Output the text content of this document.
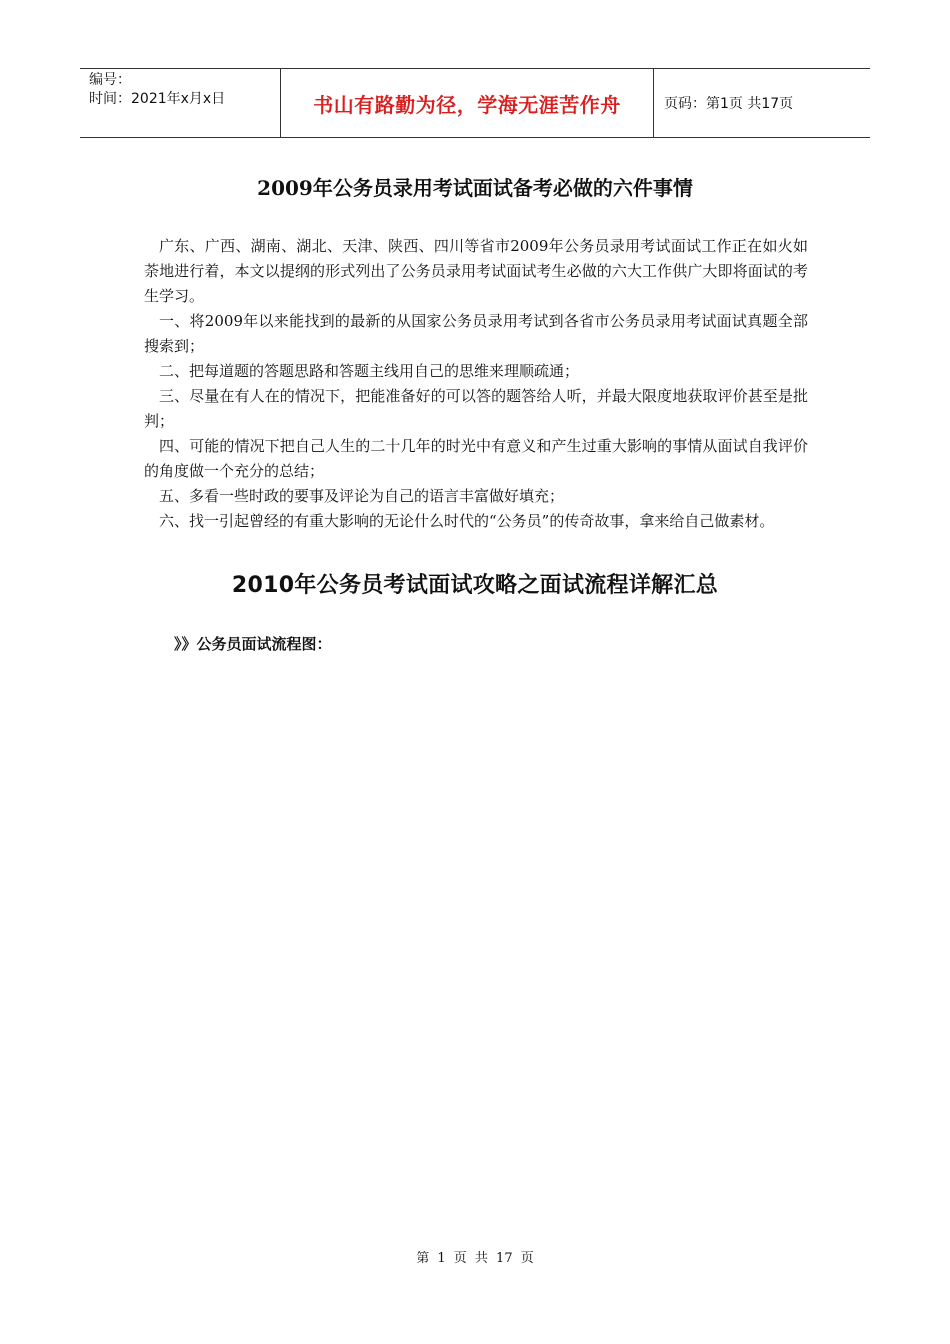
编号：
时间：2021年x月x日	书山有路勤为径，学海无涯苦作舟	页码：第1页 共17页
2009年公务员录用考试面试备考必做的六件事情

广东、广西、湖南、湖北、天津、陕西、四川等省市2009年公务员录用考试面试工作正在如火如荼地进行着，本文以提纲的形式列出了公务员录用考试面试考生必做的六大工作供广大即将面试的考生学习。

一、将2009年以来能找到的最新的从国家公务员录用考试到各省市公务员录用考试面试真题全部搜索到；

二、把每道题的答题思路和答题主线用自己的思维来理顺疏通；

三、尽量在有人在的情况下，把能准备好的可以答的题答给人听，并最大限度地获取评价甚至是批判；

四、可能的情况下把自己人生的二十几年的时光中有意义和产生过重大影响的事情从面试自我评价的角度做一个充分的总结；

五、多看一些时政的要事及评论为自己的语言丰富做好填充；

六、找一引起曾经的有重大影响的无论什么时代的“公务员”的传奇故事，拿来给自己做素材。

2010年公务员考试面试攻略之面试流程详解汇总
》》公务员面试流程图：
第 1 页 共 17 页
